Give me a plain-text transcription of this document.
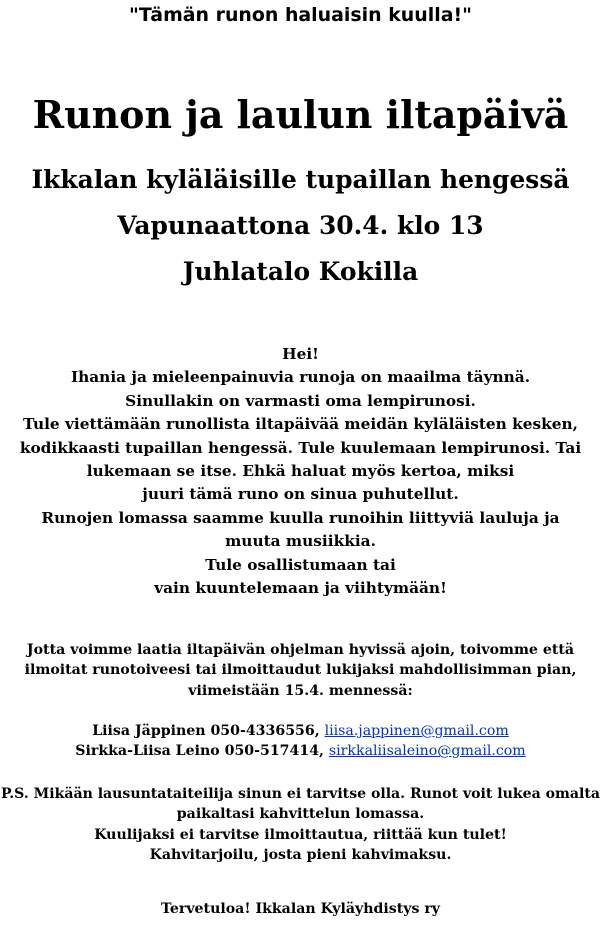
"Tämän runon haluaisin kuulla!"
Runon ja laulun iltapäivä
Ikkalan kyläläisille tupaillan hengessä
Vapunaattona 30.4. klo 13
Juhlatalo Kokilla
Hei!
Ihania ja mieleenpainuvia runoja on maailma täynnä.
Sinullakin on varmasti oma lempirunosi.
Tule viettämään runollista iltapäivää meidän kyläläisten kesken,
kodikkaasti tupaillan hengessä. Tule kuulemaan lempirunosi. Tai
lukemaan se itse. Ehkä haluat myös kertoa, miksi
juuri tämä runo on sinua puhutellut.
Runojen lomassa saamme kuulla runoihin liittyviä lauluja ja
muuta musiikkia.
Tule osallistumaan tai
vain kuuntelemaan ja viihtymään!
Jotta voimme laatia iltapäivän ohjelman hyvissä ajoin, toivomme että
ilmoitat runotoiveesi tai ilmoittaudut lukijaksi mahdollisimman pian,
viimeistään 15.4. mennessä:
Liisa Jäppinen 050-4336556, liisa.jappinen@gmail.com
Sirkka-Liisa Leino 050-517414, sirkkaliisaleino@gmail.com
P.S. Mikään lausuntataiteilija sinun ei tarvitse olla. Runot voit lukea omalta
paikaltasi kahvittelun lomassa.
Kuulijaksi ei tarvitse ilmoittautua, riittää kun tulet!
Kahvitarjoilu, josta pieni kahvimaksu.
Tervetuloa! Ikkalan Kyläyhdistys ry
